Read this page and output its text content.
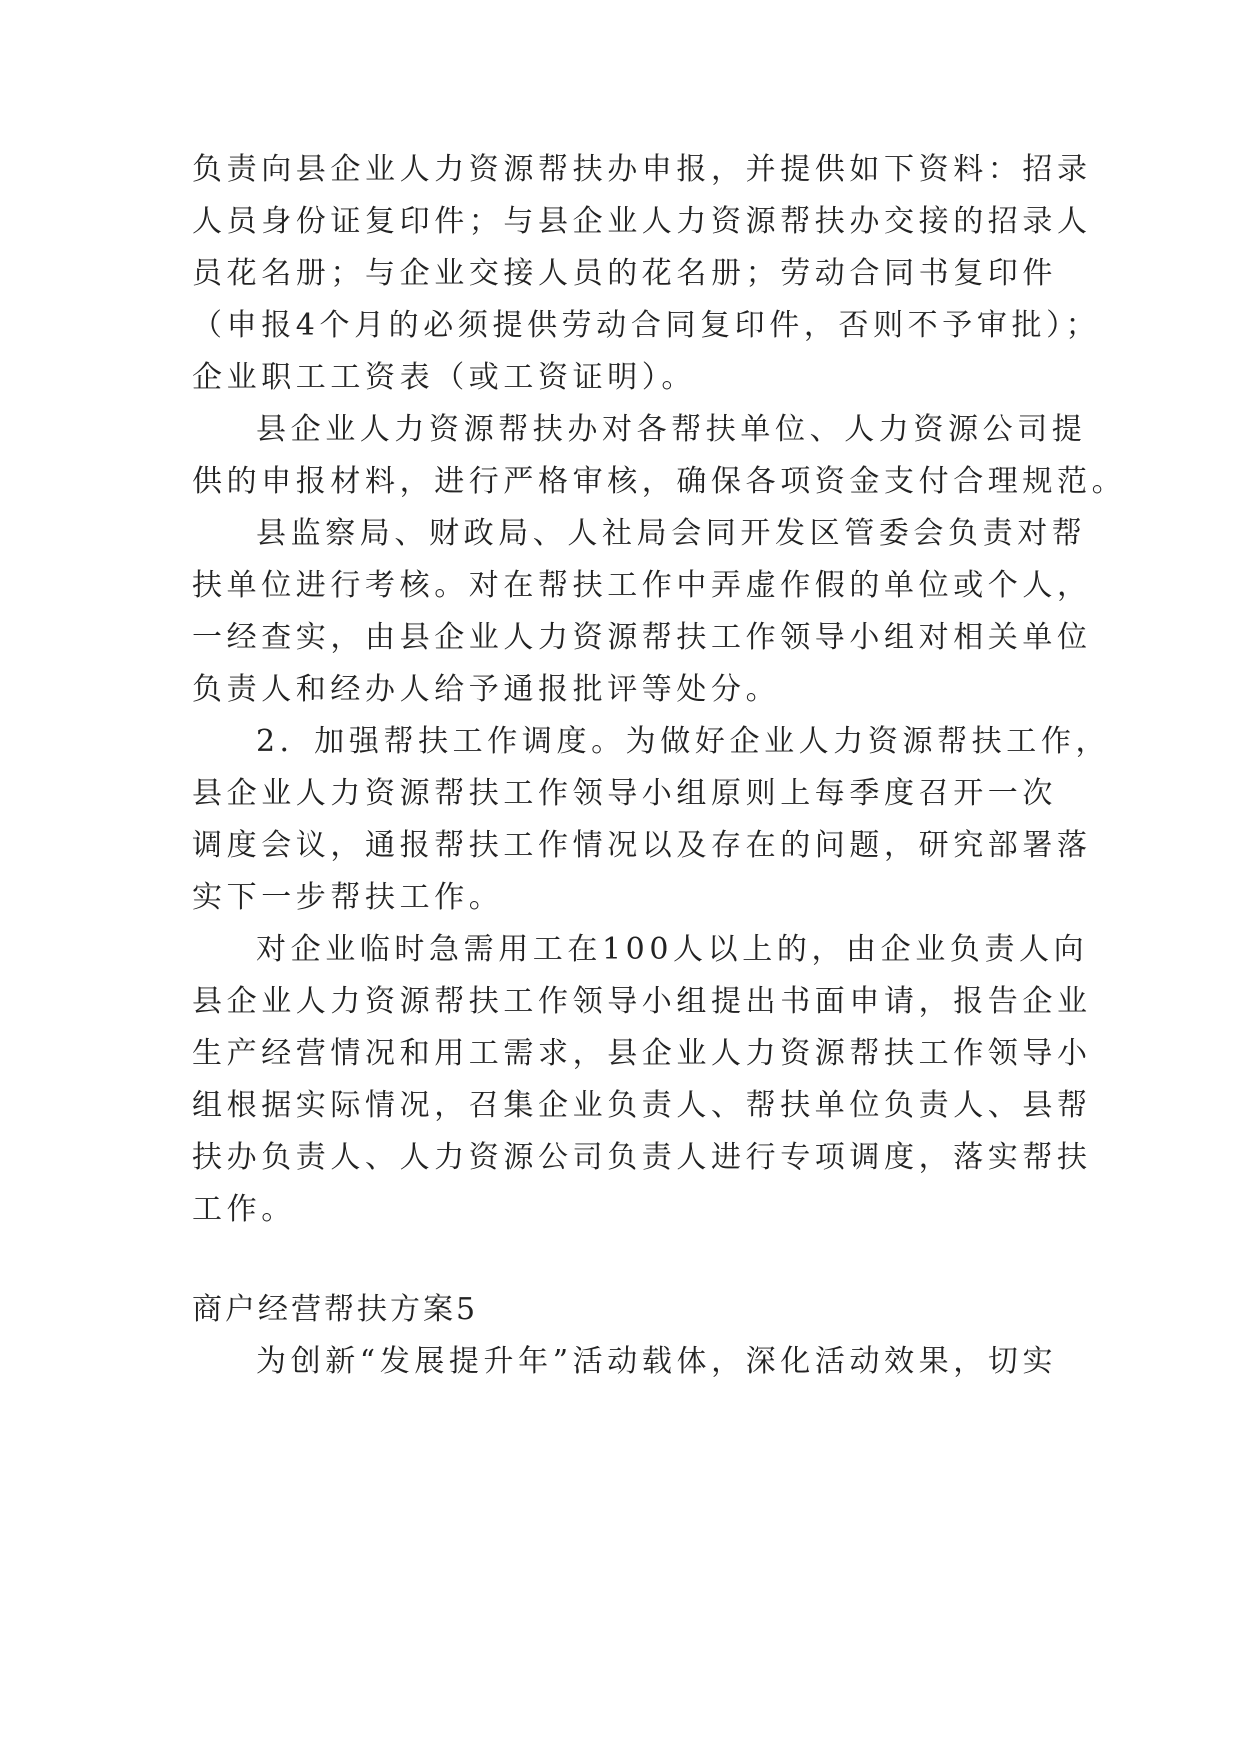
负责向县企业人力资源帮扶办申报，并提供如下资料：招录

人员身份证复印件；与县企业人力资源帮扶办交接的招录人

员花名册；与企业交接人员的花名册；劳动合同书复印件

（申报4个月的必须提供劳动合同复印件，否则不予审批）；

企业职工工资表（或工资证明）。

县企业人力资源帮扶办对各帮扶单位、人力资源公司提

供的申报材料，进行严格审核，确保各项资金支付合理规范。

县监察局、财政局、人社局会同开发区管委会负责对帮

扶单位进行考核。对在帮扶工作中弄虚作假的单位或个人，

一经查实，由县企业人力资源帮扶工作领导小组对相关单位

负责人和经办人给予通报批评等处分。

2．加强帮扶工作调度。为做好企业人力资源帮扶工作，

县企业人力资源帮扶工作领导小组原则上每季度召开一次

调度会议，通报帮扶工作情况以及存在的问题，研究部署落

实下一步帮扶工作。

对企业临时急需用工在100人以上的，由企业负责人向

县企业人力资源帮扶工作领导小组提出书面申请，报告企业

生产经营情况和用工需求，县企业人力资源帮扶工作领导小

组根据实际情况，召集企业负责人、帮扶单位负责人、县帮

扶办负责人、人力资源公司负责人进行专项调度，落实帮扶

工作。

商户经营帮扶方案5

为创新“发展提升年”活动载体，深化活动效果，切实
